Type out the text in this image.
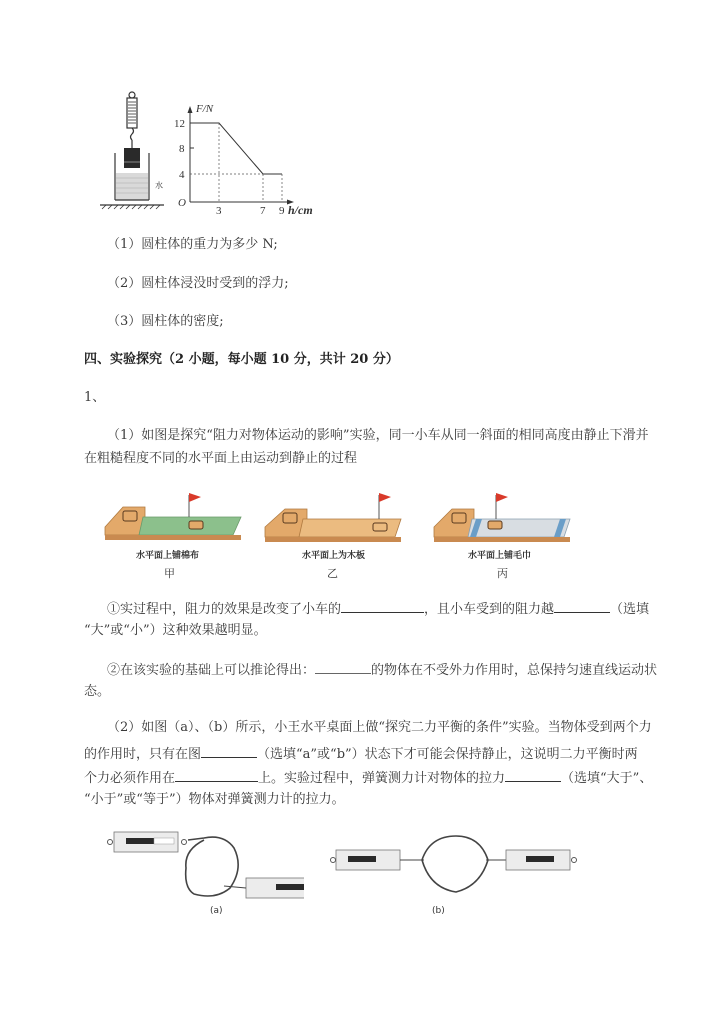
水
F/N
12
8
4
O
3	7 9 h/cm
（1）圆柱体的重力为多少 N;
（2）圆柱体浸没时受到的浮力;
（3）圆柱体的密度;
四、实验探究（2 小题，每小题 10 分，共计 20 分）
1、
（1）如图是探究“阻力对物体运动的影响”实验，同一小车从同一斜面的相同高度由静止下滑并
在粗糙程度不同的水平面上由运动到静止的过程
水平面上铺棉布
甲
水平面上为木板
乙
水平面上铺毛巾
丙
①实过程中，阻力的效果是改变了小车的	，且小车受到的阻力越	（选填
“大”或“小”）这种效果越明显。
②在该实验的基础上可以推论得出：	的物体在不受外力作用时，总保持匀速直线运动状
态。
（2）如图（a）、（b）所示，小王水平桌面上做“探究二力平衡的条件”实验。当物体受到两个力
的作用时，只有在图	（选填“a”或“b”）状态下才可能会保持静止，这说明二力平衡时两
个力必须作用在	上。实验过程中，弹簧测力计对物体的拉力	（选填“大于”、
“小于”或“等于”）物体对弹簧测力计的拉力。
(a)	(b)
